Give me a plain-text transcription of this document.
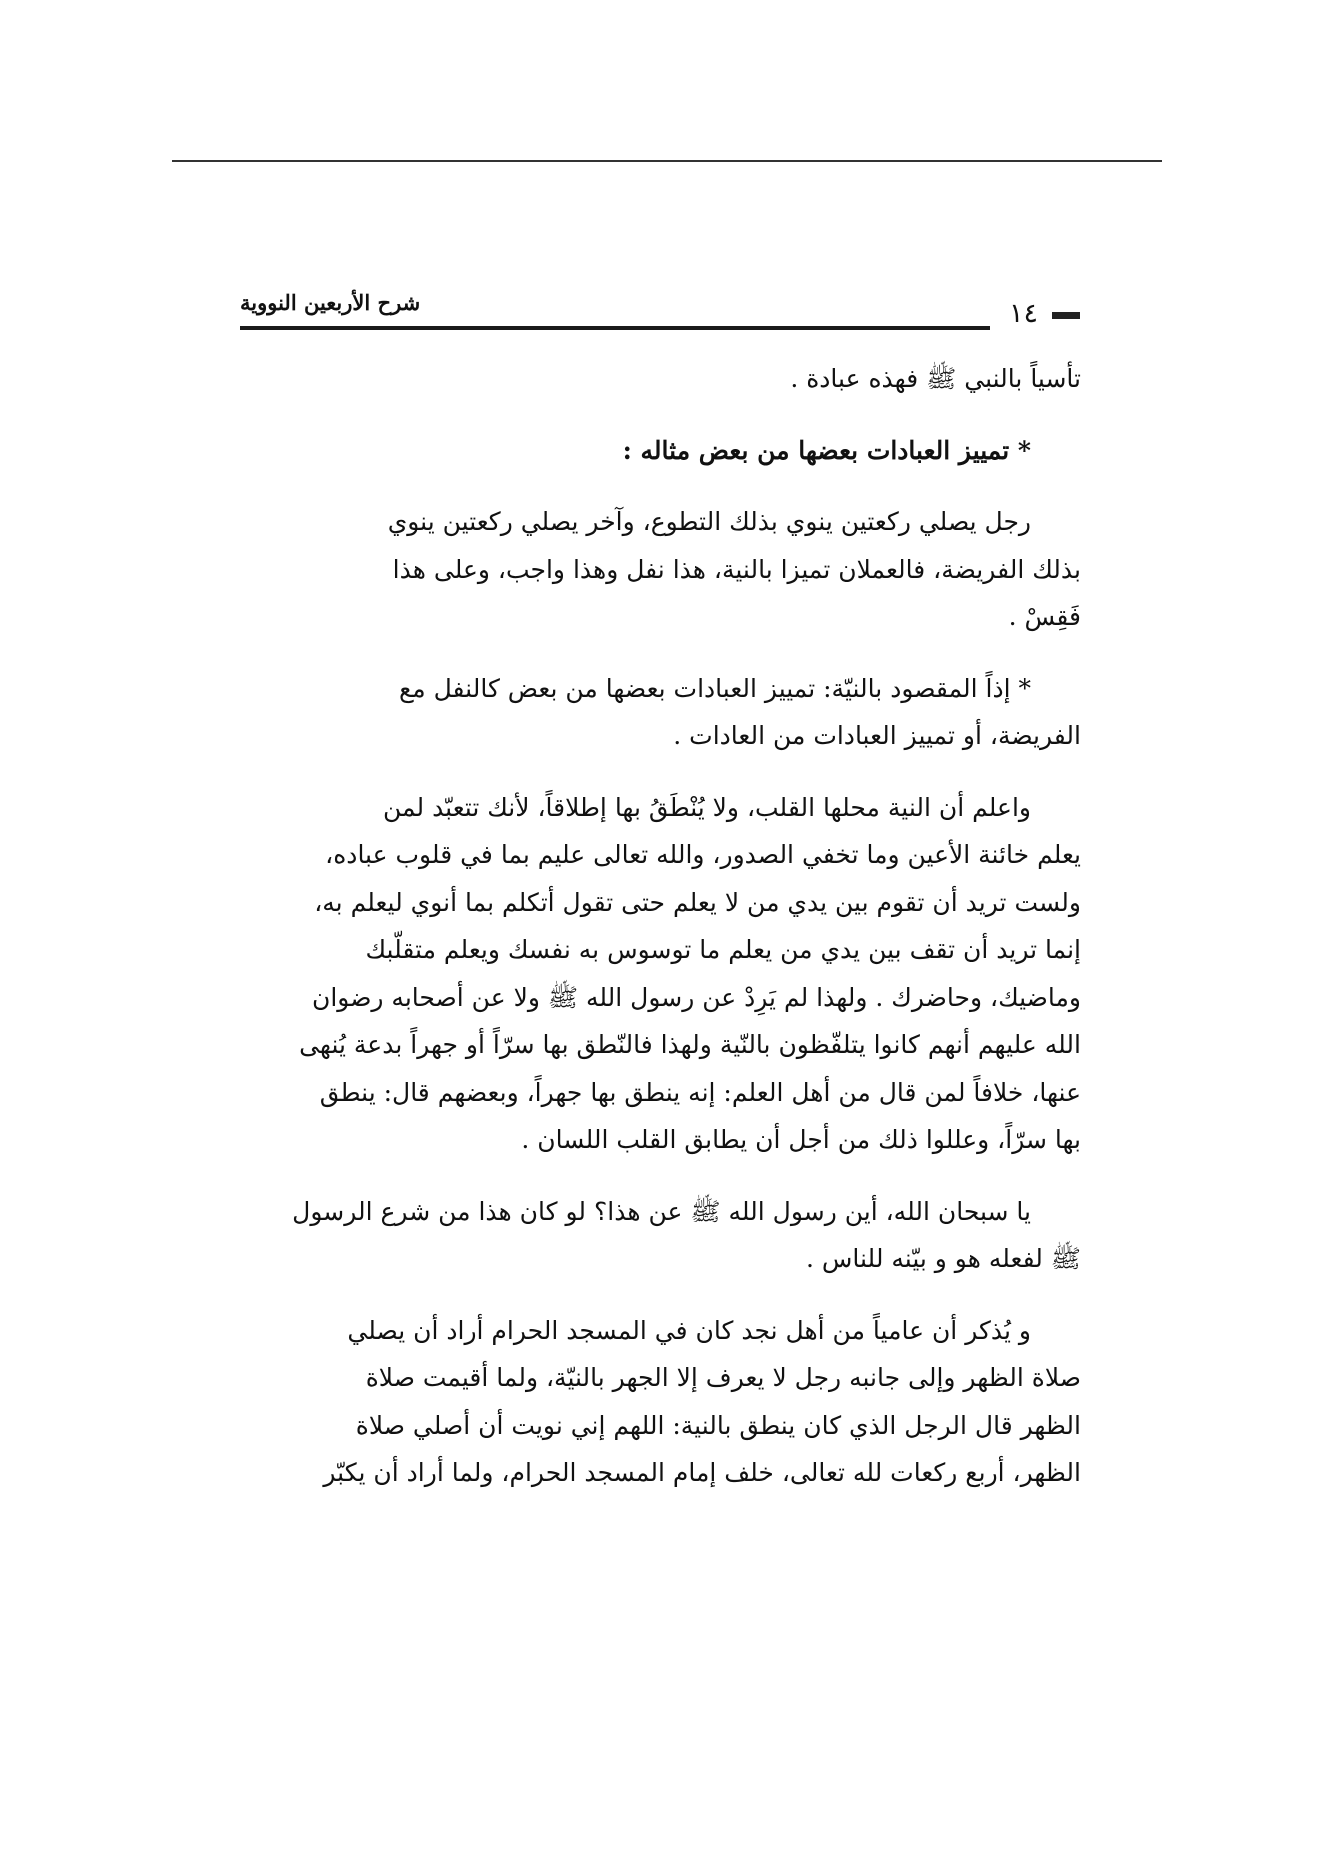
شرح الأربعين النووية	١٤
تأسياً بالنبي ﷺ فهذه عبادة .
* تمييز العبادات بعضها من بعض مثاله :
رجل يصلي ركعتين ينوي بذلك التطوع، وآخر يصلي ركعتين ينوي
بذلك الفريضة، فالعملان تميزا بالنية، هذا نفل وهذا واجب، وعلى هذا
فَقِسْ .
* إذاً المقصود بالنيّة: تمييز العبادات بعضها من بعض كالنفل مع
الفريضة، أو تمييز العبادات من العادات .
واعلم أن النية محلها القلب، ولا يُنْطَقُ بها إطلاقاً، لأنك تتعبّد لمن
يعلم خائنة الأعين وما تخفي الصدور، والله تعالى عليم بما في قلوب عباده،
ولست تريد أن تقوم بين يدي من لا يعلم حتى تقول أتكلم بما أنوي ليعلم به،
إنما تريد أن تقف بين يدي من يعلم ما توسوس به نفسك ويعلم متقلّبك
وماضيك، وحاضرك . ولهذا لم يَرِدْ عن رسول الله ﷺ ولا عن أصحابه رضوان
الله عليهم أنهم كانوا يتلفّظون بالنّية ولهذا فالنّطق بها سرّاً أو جهراً بدعة يُنهى
عنها، خلافاً لمن قال من أهل العلم: إنه ينطق بها جهراً، وبعضهم قال: ينطق
بها سرّاً، وعللوا ذلك من أجل أن يطابق القلب اللسان .
يا سبحان الله، أين رسول الله ﷺ عن هذا؟ لو كان هذا من شرع الرسول
ﷺ لفعله هو و بيّنه للناس .
و يُذكر أن عامياً من أهل نجد كان في المسجد الحرام أراد أن يصلي
صلاة الظهر وإلى جانبه رجل لا يعرف إلا الجهر بالنيّة، ولما أقيمت صلاة
الظهر قال الرجل الذي كان ينطق بالنية: اللهم إني نويت أن أصلي صلاة
الظهر، أربع ركعات لله تعالى، خلف إمام المسجد الحرام، ولما أراد أن يكبّر
